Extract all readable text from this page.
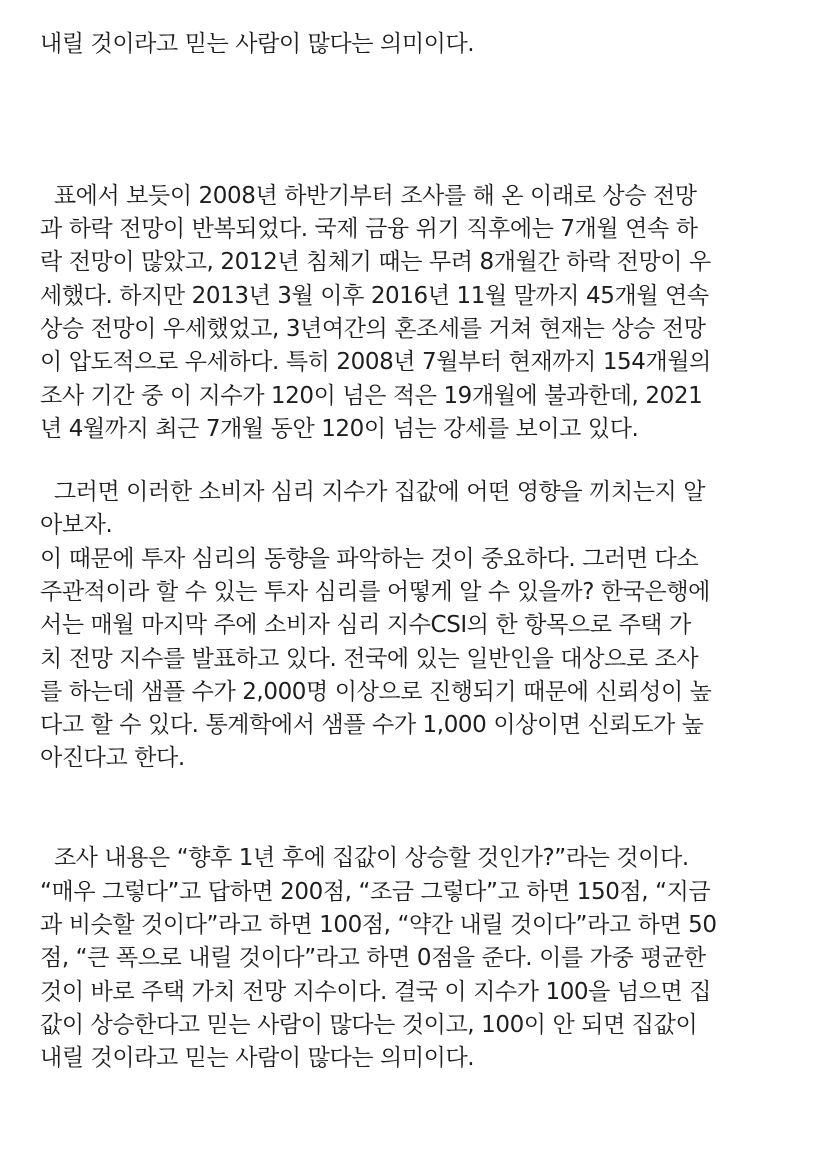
내릴 것이라고 믿는 사람이 많다는 의미이다.
표에서 보듯이 2008년 하반기부터 조사를 해 온 이래로 상승 전망
과 하락 전망이 반복되었다. 국제 금융 위기 직후에는 7개월 연속 하
락 전망이 많았고, 2012년 침체기 때는 무려 8개월간 하락 전망이 우
세했다. 하지만 2013년 3월 이후 2016년 11월 말까지 45개월 연속
상승 전망이 우세했었고, 3년여간의 혼조세를 거쳐 현재는 상승 전망
이 압도적으로 우세하다. 특히 2008년 7월부터 현재까지 154개월의
조사 기간 중 이 지수가 120이 넘은 적은 19개월에 불과한데, 2021
년 4월까지 최근 7개월 동안 120이 넘는 강세를 보이고 있다.
그러면 이러한 소비자 심리 지수가 집값에 어떤 영향을 끼치는지 알
아보자.
이 때문에 투자 심리의 동향을 파악하는 것이 중요하다. 그러면 다소
주관적이라 할 수 있는 투자 심리를 어떻게 알 수 있을까? 한국은행에
서는 매월 마지막 주에 소비자 심리 지수CSI의 한 항목으로 주택 가
치 전망 지수를 발표하고 있다. 전국에 있는 일반인을 대상으로 조사
를 하는데 샘플 수가 2,000명 이상으로 진행되기 때문에 신뢰성이 높
다고 할 수 있다. 통계학에서 샘플 수가 1,000 이상이면 신뢰도가 높
아진다고 한다.
조사 내용은 “향후 1년 후에 집값이 상승할 것인가?”라는 것이다.
“매우 그렇다”고 답하면 200점, “조금 그렇다”고 하면 150점, “지금
과 비슷할 것이다”라고 하면 100점, “약간 내릴 것이다”라고 하면 50
점, “큰 폭으로 내릴 것이다”라고 하면 0점을 준다. 이를 가중 평균한
것이 바로 주택 가치 전망 지수이다. 결국 이 지수가 100을 넘으면 집
값이 상승한다고 믿는 사람이 많다는 것이고, 100이 안 되면 집값이
내릴 것이라고 믿는 사람이 많다는 의미이다.
